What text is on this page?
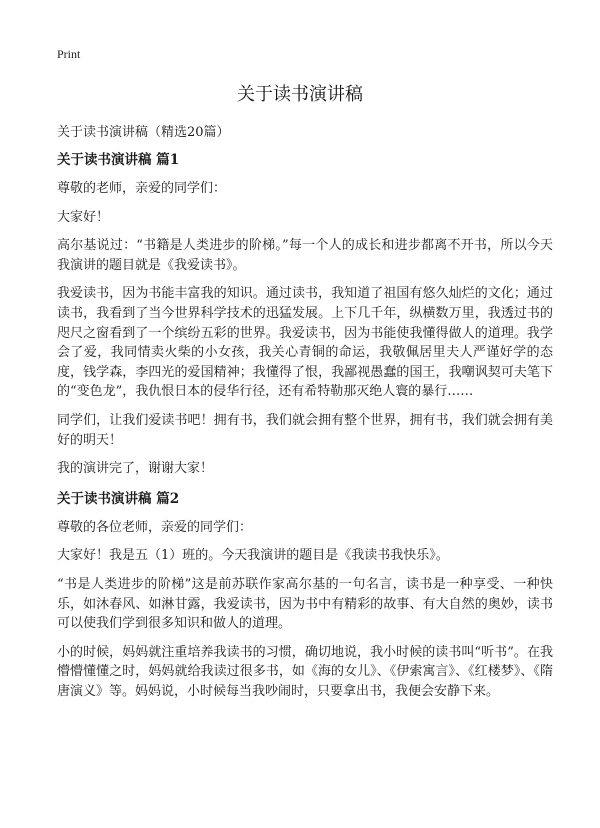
Print
关于读书演讲稿
关于读书演讲稿（精选20篇）
关于读书演讲稿 篇1

尊敬的老师，亲爱的同学们：

大家好！

高尔基说过：“书籍是人类进步的阶梯。”每一个人的成长和进步都离不开书，所以今天我演讲的题目就是《我爱读书》。

我爱读书，因为书能丰富我的知识。通过读书，我知道了祖国有悠久灿烂的文化；通过读书，我看到了当今世界科学技术的迅猛发展。上下几千年，纵横数万里，我透过书的咫尺之窗看到了一个缤纷五彩的世界。我爱读书，因为书能使我懂得做人的道理。我学会了爱，我同情卖火柴的小女孩，我关心青铜的命运，我敬佩居里夫人严谨好学的态度，钱学森，李四光的爱国精神；我懂得了恨，我鄙视愚蠢的国王，我嘲讽契可夫笔下的“变色龙”，我仇恨日本的侵华行径，还有希特勒那灭绝人寰的暴行……

同学们，让我们爱读书吧！拥有书，我们就会拥有整个世界，拥有书，我们就会拥有美好的明天！

我的演讲完了，谢谢大家！

关于读书演讲稿 篇2

尊敬的各位老师，亲爱的同学们：

大家好！我是五（1）班的。今天我演讲的题目是《我读书我快乐》。

“书是人类进步的阶梯”这是前苏联作家高尔基的一句名言，读书是一种享受、一种快乐，如沐春风、如淋甘露，我爱读书，因为书中有精彩的故事、有大自然的奥妙，读书可以使我们学到很多知识和做人的道理。

小的时候，妈妈就注重培养我读书的习惯，确切地说，我小时候的读书叫“听书”。在我懵懵懂懂之时，妈妈就给我读过很多书，如《海的女儿》、《伊索寓言》、《红楼梦》、《隋唐演义》等。妈妈说，小时候每当我吵闹时，只要拿出书，我便会安静下来。
